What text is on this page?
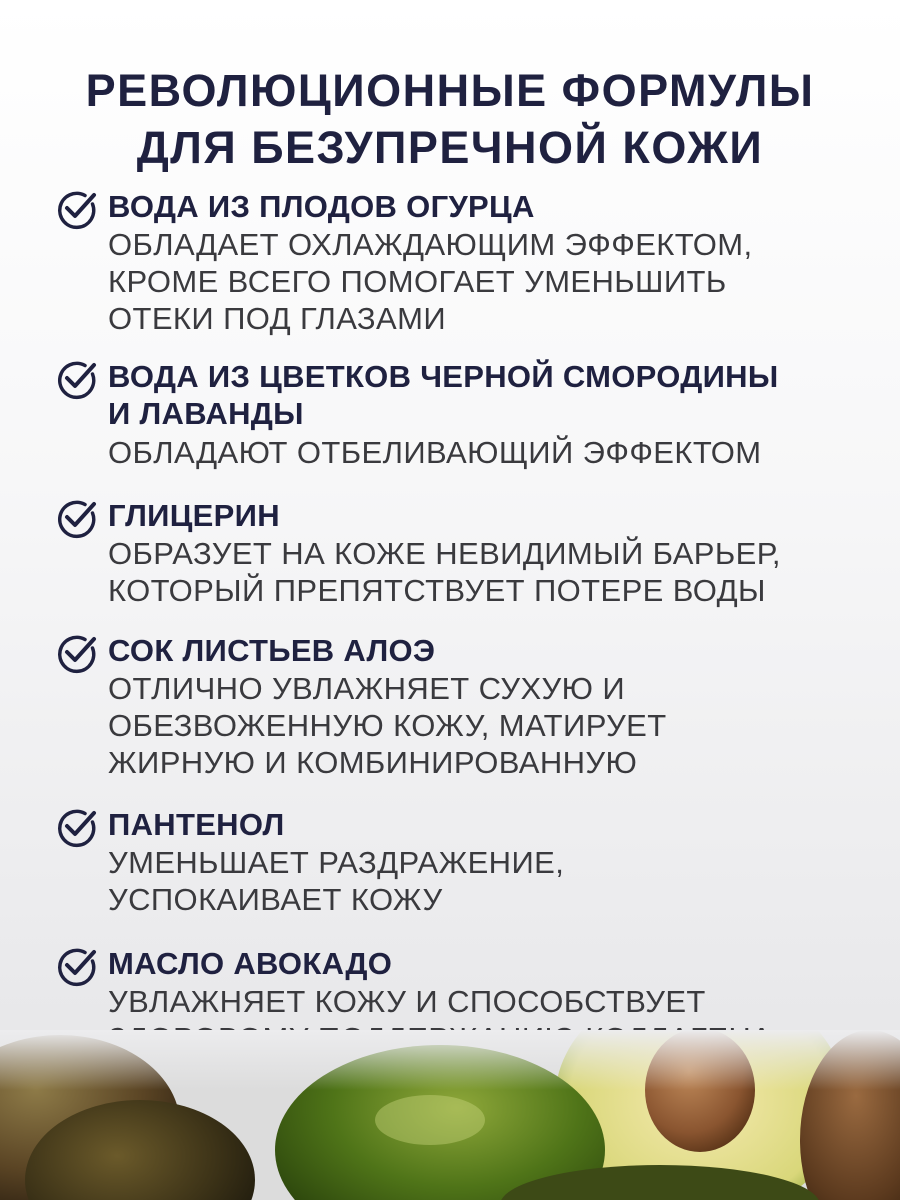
РЕВОЛЮЦИОННЫЕ ФОРМУЛЫ
ДЛЯ БЕЗУПРЕЧНОЙ КОЖИ
ВОДА ИЗ ПЛОДОВ ОГУРЦА
ОБЛАДАЕТ ОХЛАЖДАЮЩИМ ЭФФЕКТОМ,
КРОМЕ ВСЕГО ПОМОГАЕТ УМЕНЬШИТЬ
ОТЕКИ ПОД ГЛАЗАМИ
ВОДА ИЗ ЦВЕТКОВ ЧЕРНОЙ СМОРОДИНЫ
И ЛАВАНДЫ
ОБЛАДАЮТ ОТБЕЛИВАЮЩИЙ ЭФФЕКТОМ
ГЛИЦЕРИН
ОБРАЗУЕТ НА КОЖЕ НЕВИДИМЫЙ БАРЬЕР,
КОТОРЫЙ ПРЕПЯТСТВУЕТ ПОТЕРЕ ВОДЫ
СОК ЛИСТЬЕВ АЛОЭ
ОТЛИЧНО УВЛАЖНЯЕТ СУХУЮ И
ОБЕЗВОЖЕННУЮ КОЖУ, МАТИРУЕТ
ЖИРНУЮ И КОМБИНИРОВАННУЮ
ПАНТЕНОЛ
УМЕНЬШАЕТ РАЗДРАЖЕНИЕ,
УСПОКАИВАЕТ КОЖУ
МАСЛО АВОКАДО
УВЛАЖНЯЕТ КОЖУ И СПОСОБСТВУЕТ
